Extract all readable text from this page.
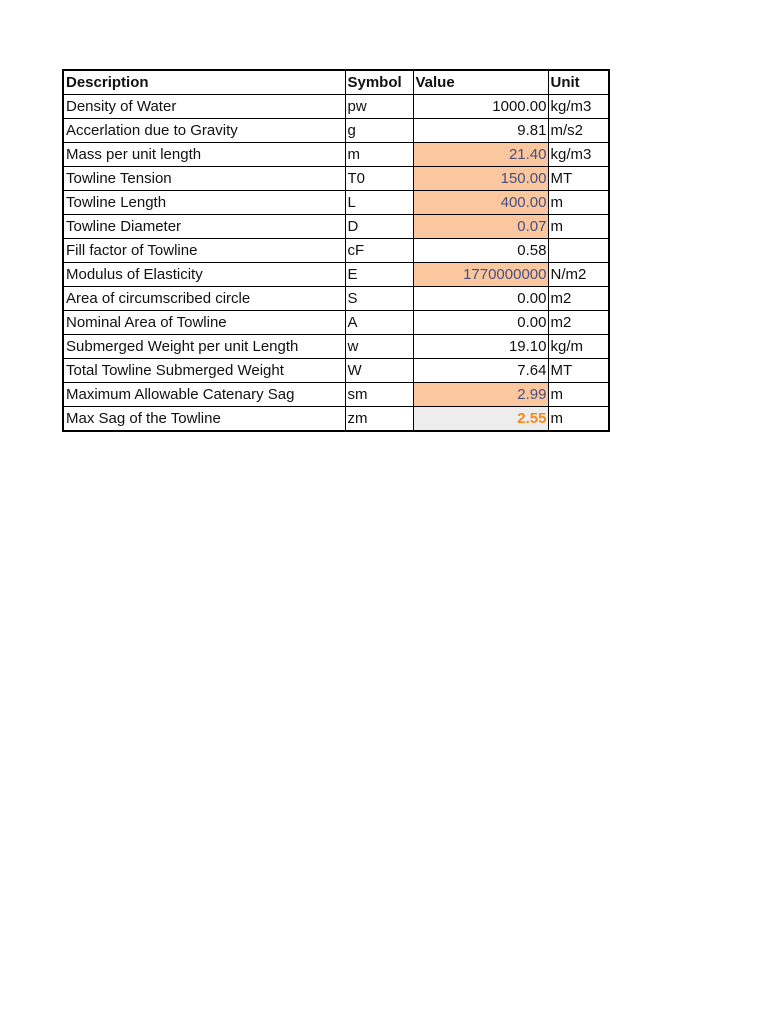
Description	Symbol	Value	Unit
Density of Water	pw	1000.00	kg/m3
Accerlation due to Gravity	g	9.81	m/s2
Mass per unit length	m	21.40	kg/m3
Towline Tension	T0	150.00	MT
Towline Length	L	400.00	m
Towline Diameter	D	0.07	m
Fill factor of Towline	cF	0.58	
Modulus of Elasticity	E	1770000000	N/m2
Area of circumscribed circle	S	0.00	m2
Nominal Area of Towline	A	0.00	m2
Submerged Weight per unit Length	w	19.10	kg/m
Total Towline Submerged Weight	W	7.64	MT
Maximum Allowable Catenary Sag	sm	2.99	m
Max Sag of the Towline	zm	2.55	m
